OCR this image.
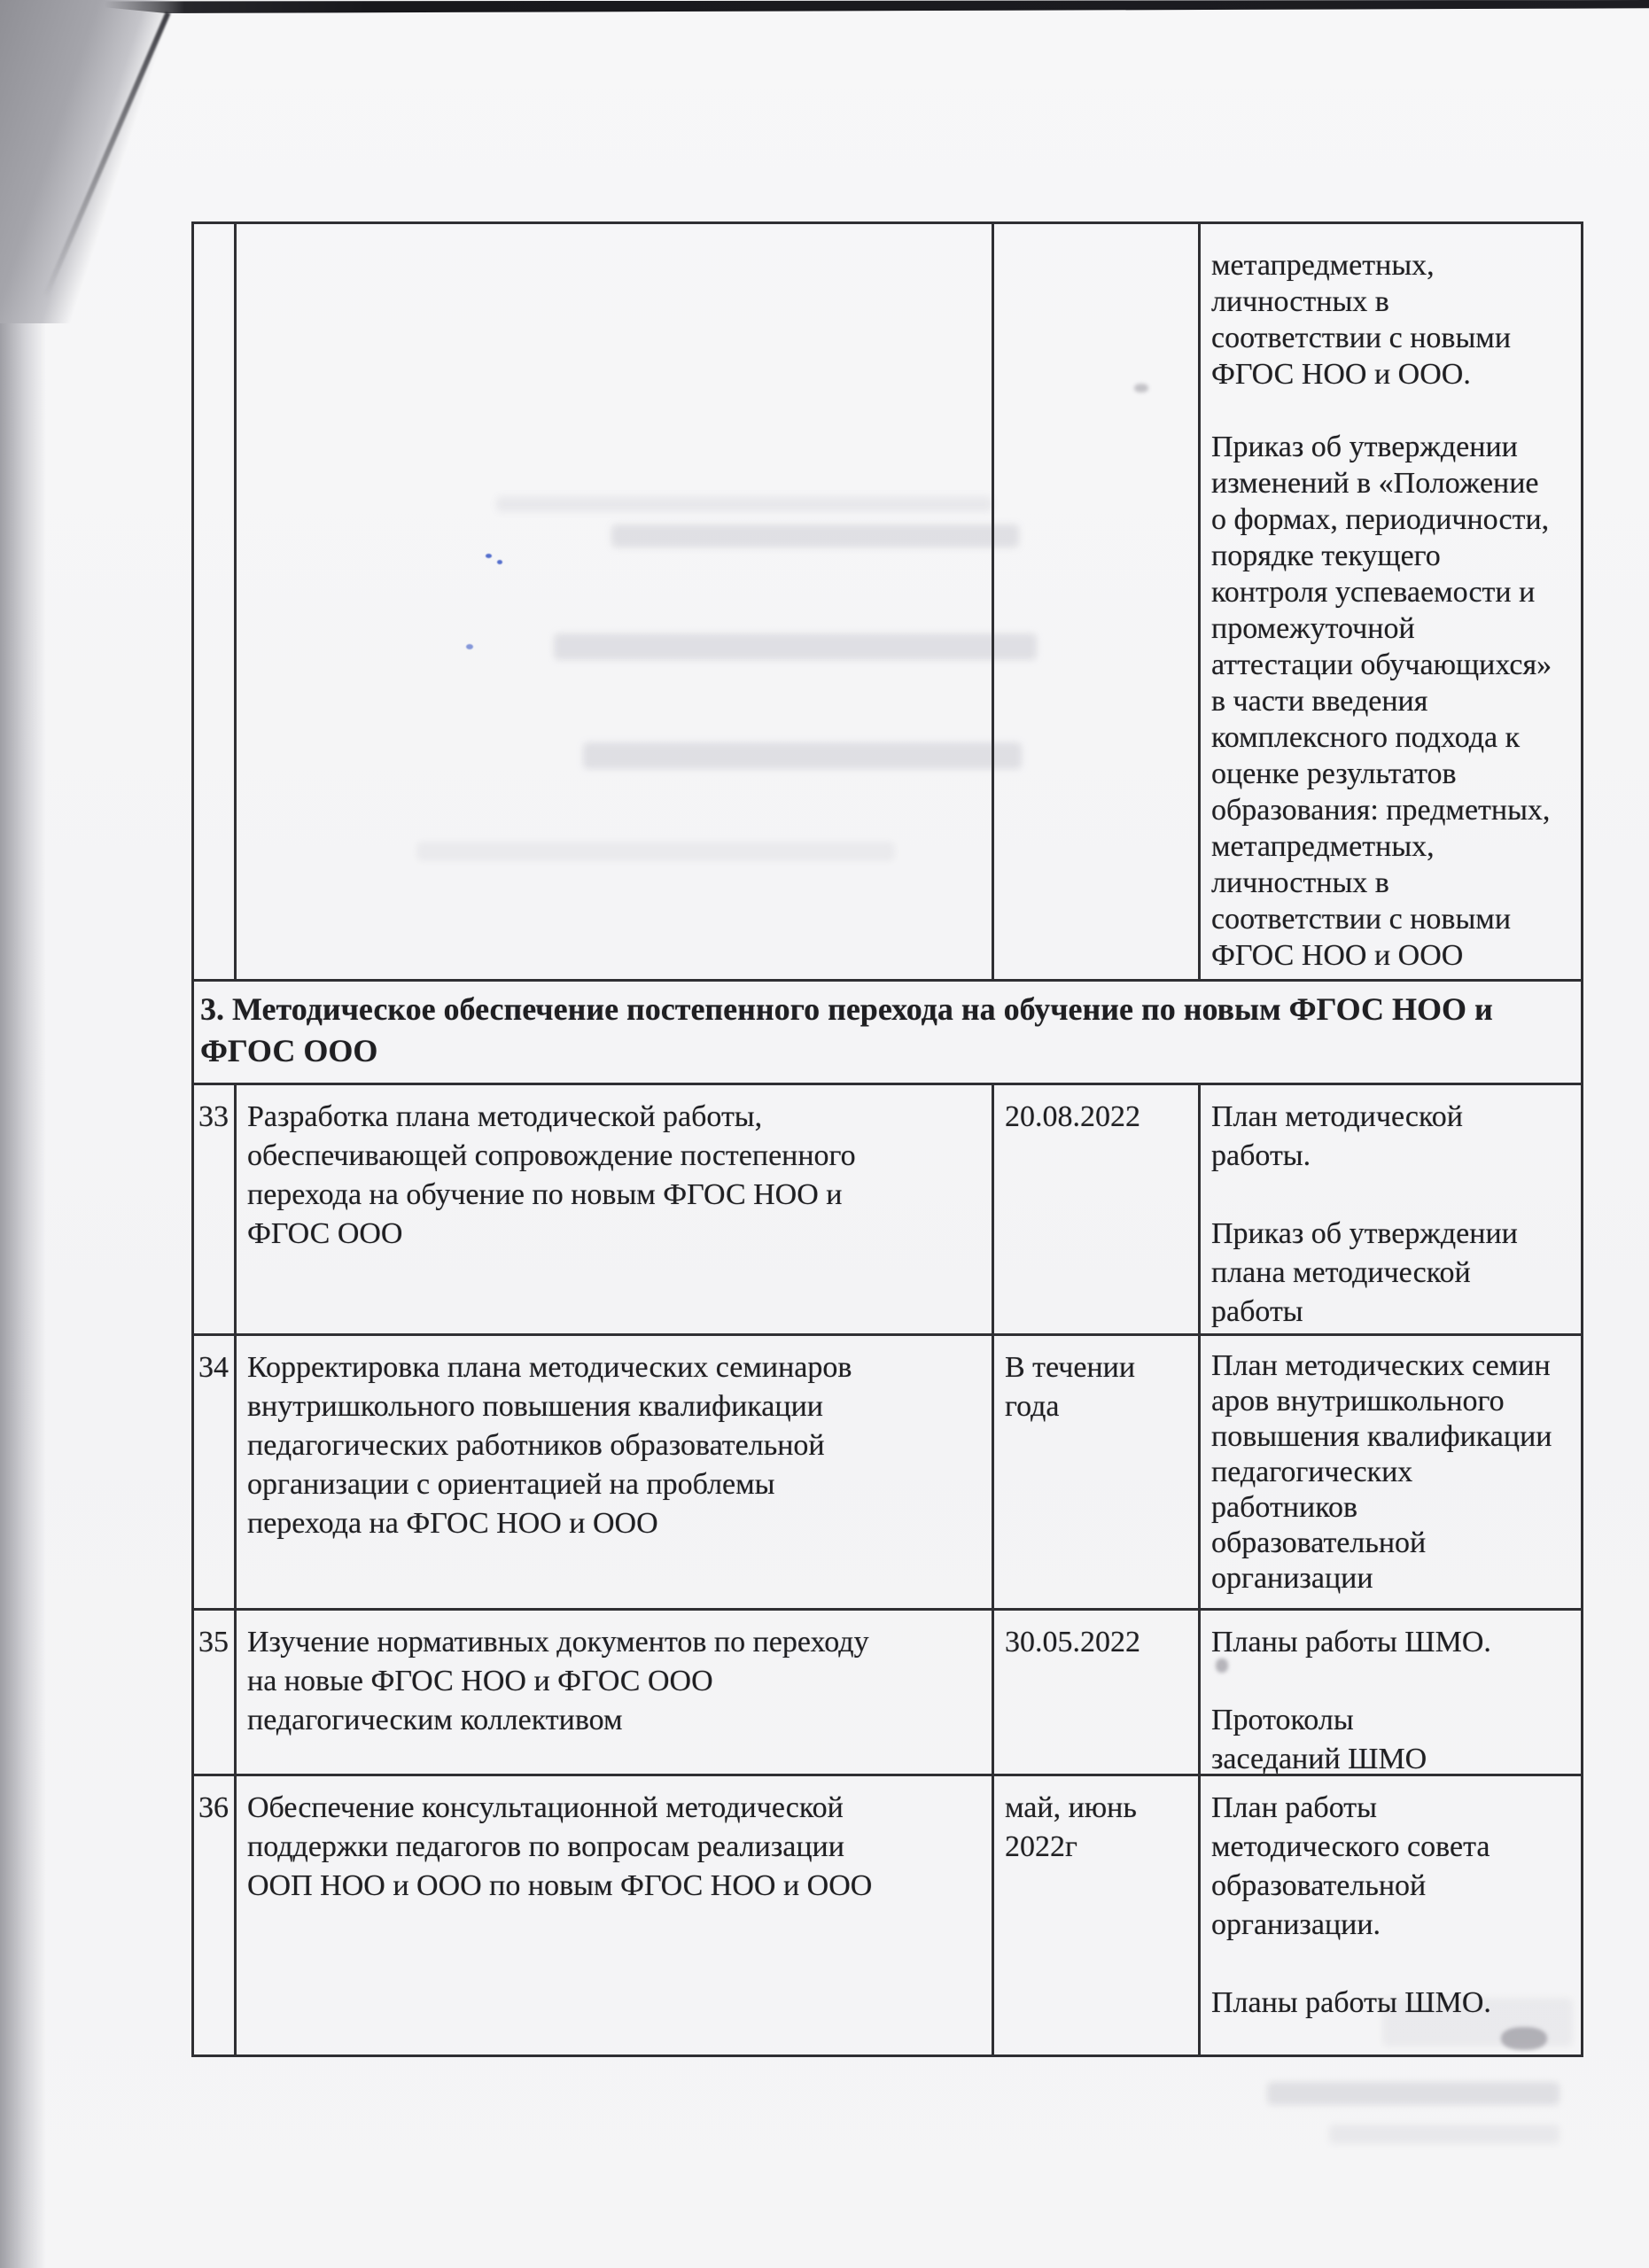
метапредметных,
личностных в
соответствии с новыми
ФГОС НОО и ООО.

Приказ об утверждении
изменений в «Положение
о формах, периодичности,
порядке текущего
контроля успеваемости и
промежуточной
аттестации обучающихся»
в части введения
комплексного подхода к
оценке результатов
образования: предметных,
метапредметных,
личностных в
соответствии с новыми
ФГОС НОО и ООО
3. Методическое обеспечение постепенного перехода на обучение по новым ФГОС НОО и
ФГОС ООО
33 Разработка плана методической работы,
обеспечивающей сопровождение постепенного
перехода на обучение по новым ФГОС НОО и
ФГОС ООО
20.08.2022	План методической
работы.

Приказ об утверждении
плана методической
работы
34 Корректировка плана методических семинаров
внутришкольного повышения квалификации
педагогических работников образовательной
организации с ориентацией на проблемы
перехода на ФГОС НОО и ООО
В течении
года
План методических семин
аров внутришкольного
повышения квалификации
педагогических
работников
образовательной
организации
35 Изучение нормативных документов по переходу
на новые ФГОС НОО и ФГОС ООО
педагогическим коллективом
30.05.2022	Планы работы ШМО.

Протоколы
заседаний ШМО
36 Обеспечение консультационной методической
поддержки педагогов по вопросам реализации
ООП НОО и ООО по новым ФГОС НОО и ООО
май, июнь
2022г
План работы
методического совета
образовательной
организации.

Планы работы ШМО.
